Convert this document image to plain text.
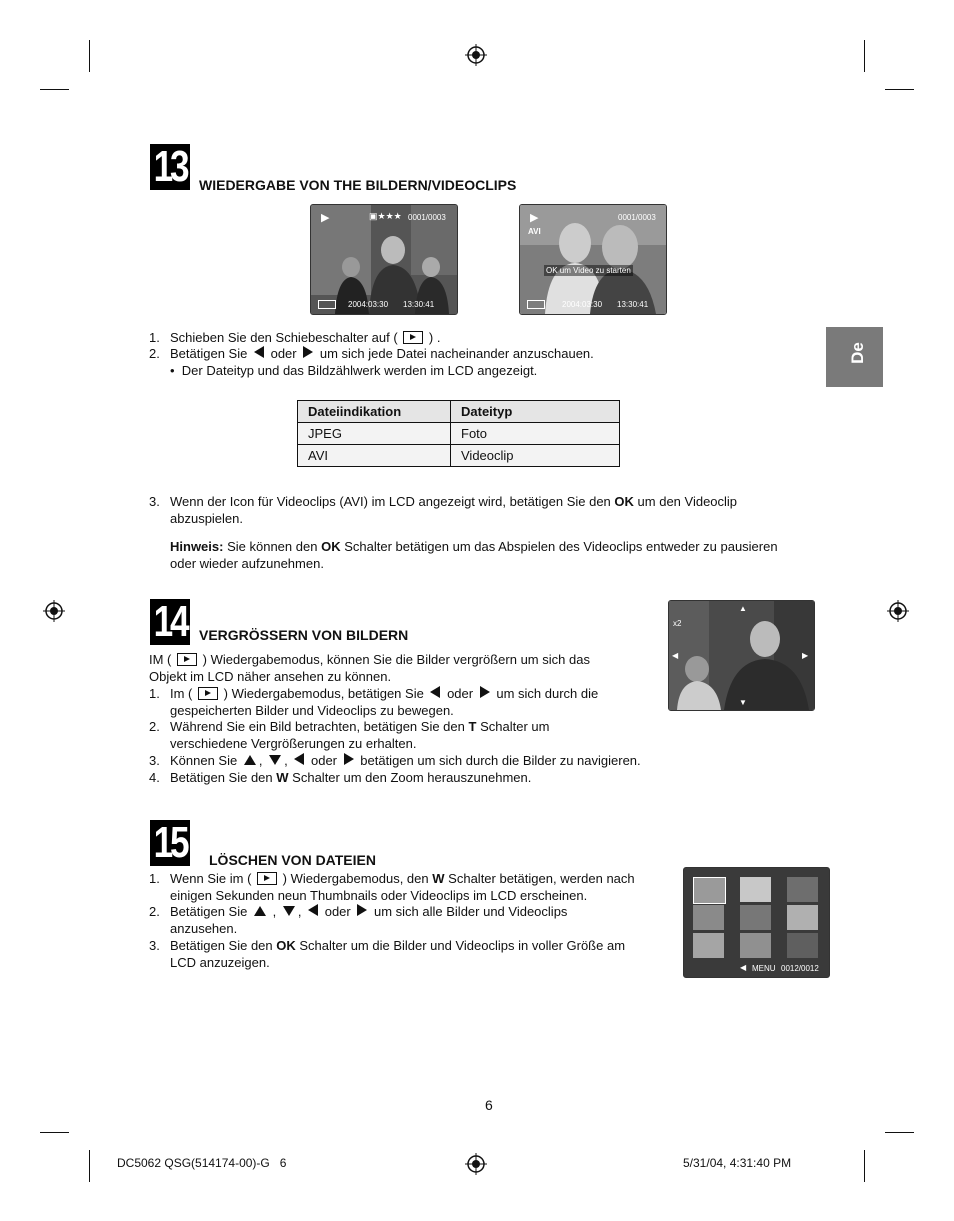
De
13 WIEDERGABE VON THE BILDERN/VIDEOCLIPS
▶	▣★★★ 0001/0003
2004:03:30 13:30:41
▶
AVI
0001/0003
OK um Video zu starten
2004:03:30 13:30:41
1. Schieben Sie den Schiebeschalter auf ( ) .
2. Betätigen Sie oder um sich jede Datei nacheinander anzuschauen.
•  Der Dateityp und das Bildzählwerk werden im LCD angezeigt.
Dateiindikation	Dateityp
JPEG	Foto
AVI	Videoclip
3. Wenn der Icon für Videoclips (AVI) im LCD angezeigt wird, betätigen Sie den OK um den Videoclip
abzuspielen.
Hinweis: Sie können den OK Schalter betätigen um das Abspielen des Videoclips entweder zu pausieren
oder wieder aufzunehmen.
14 VERGRÖSSERN VON BILDERN
x2
▲
▼
◀	▶
IM ( ) Wiedergabemodus, können Sie die Bilder vergrößern um sich das
Objekt im LCD näher ansehen zu können.
1. Im ( ) Wiedergabemodus, betätigen Sie oder um sich durch die
gespeicherten Bilder und Videoclips zu bewegen.
2. Während Sie ein Bild betrachten, betätigen Sie den T Schalter um
verschiedene Vergrößerungen zu erhalten.
3. Können Sie , , oder betätigen um sich durch die Bilder zu navigieren.
4. Betätigen Sie den W Schalter um den Zoom herauszunehmen.
15 LÖSCHEN VON DATEIEN
◀ MENU 0012/0012
1. Wenn Sie im ( ) Wiedergabemodus, den W Schalter betätigen, werden nach
einigen Sekunden neun Thumbnails oder Videoclips im LCD erscheinen.
2. Betätigen Sie , , oder um sich alle Bilder und Videoclips
anzusehen.
3. Betätigen Sie den OK Schalter um die Bilder und Videoclips in voller Größe am
LCD anzuzeigen.
6
DC5062 QSG(514174-00)-G   6	5/31/04, 4:31:40 PM
